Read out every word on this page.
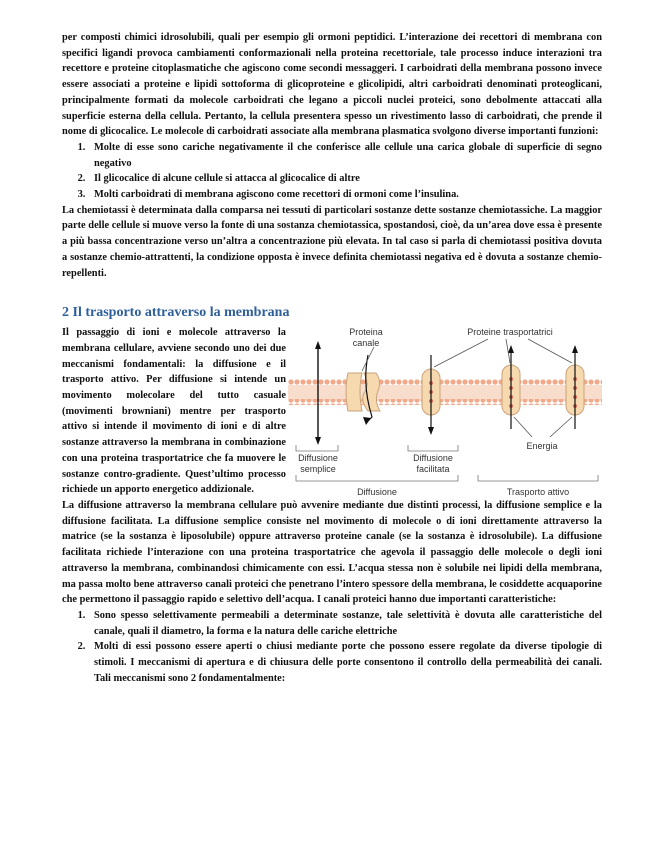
per composti chimici idrosolubili, quali per esempio gli ormoni peptidici. L’interazione dei recettori di membrana con specifici ligandi provoca cambiamenti conformazionali nella proteina recettoriale, tale processo induce interazioni tra recettore e proteine citoplasmatiche che agiscono come secondi messaggeri. I carboidrati della membrana possono invece essere associati a proteine e lipidi sottoforma di glicoproteine e glicolipidi, altri carboidrati denominati proteoglicani, principalmente formati da molecole carboidrati che legano a piccoli nuclei proteici, sono debolmente attaccati alla superficie esterna della cellula. Pertanto, la cellula presentera spesso un rivestimento lasso di carboidrati, che prende il nome di glicocalice. Le molecole di carboidrati associate alla membrana plasmatica svolgono diverse importanti funzioni:

1. Molte di esse sono cariche negativamente il che conferisce alle cellule una carica globale di superficie di segno negativo
2. Il glicocalice di alcune cellule si attacca al glicocalice di altre
3. Molti carboidrati di membrana agiscono come recettori di ormoni come l’insulina.

La chemiotassi è determinata dalla comparsa nei tessuti di particolari sostanze dette sostanze chemiotassiche. La maggior parte delle cellule si muove verso la fonte di una sostanza chemiotassica, spostandosi, cioè, da un’area dove essa è presente a più bassa concentrazione verso un’altra a concentrazione più elevata. In tal caso si parla di chemiotassi positiva dovuta a sostanze chemio-attrattenti, la condizione opposta è invece definita chemiotassi negativa ed è dovuta a sostanze chemio-repellenti.

2 Il trasporto attraverso la membrana

Il passaggio di ioni e molecole attraverso la membrana cellulare, avviene secondo uno dei due meccanismi fondamentali: la diffusione e il trasporto attivo. Per diffusione si intende un movimento molecolare del tutto casuale (movimenti browniani) mentre per trasporto attivo si intende il movimento di ioni e di altre sostanze attraverso la membrana in combinazione con una proteina trasportatrice che fa muovere le sostanze contro-gradiente. Quest’ultimo processo richiede un apporto energetico addizionale.

Proteina
canale
Proteine trasportatrici
Diffusione
semplice
Diffusione
facilitata
Energia
Diffusione	Trasporto attivo

La diffusione attraverso la membrana cellulare può avvenire mediante due distinti processi, la diffusione semplice e la diffusione facilitata. La diffusione semplice consiste nel movimento di molecole o di ioni direttamente attraverso la matrice (se la sostanza è liposolubile) oppure attraverso proteine canale (se la sostanza è idrosolubile). La diffusione facilitata richiede l’interazione con una proteina trasportatrice che agevola il passaggio delle molecole o degli ioni attraverso la membrana, combinandosi chimicamente con essi. L’acqua stessa non è solubile nei lipidi della membrana, ma passa molto bene attraverso canali proteici che penetrano l’intero spessore della membrana, le cosiddette acquaporine che permettono il passaggio rapido e selettivo dell’acqua. I canali proteici hanno due importanti caratteristiche:

1. Sono spesso selettivamente permeabili a determinate sostanze, tale selettività è dovuta alle caratteristiche del canale, quali il diametro, la forma e la natura delle cariche elettriche
2. Molti di essi possono essere aperti o chiusi mediante porte che possono essere regolate da diverse tipologie di stimoli. I meccanismi di apertura e di chiusura delle porte consentono il controllo della permeabilità dei canali. Tali meccanismi sono 2 fondamentalmente:
